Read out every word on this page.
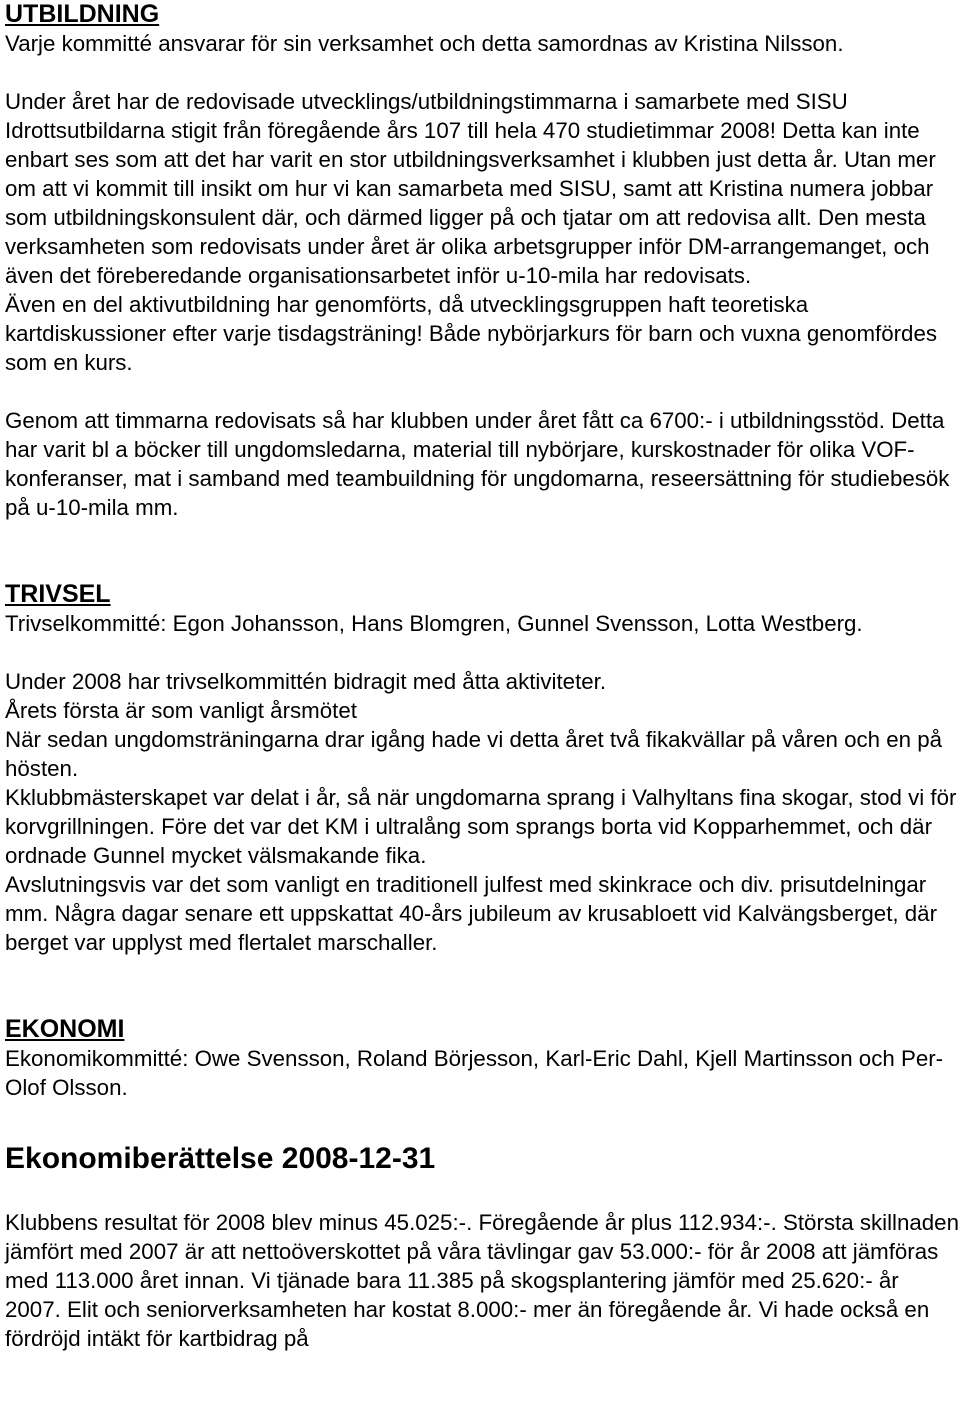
UTBILDNING

Varje kommitté ansvarar för sin verksamhet och detta samordnas av Kristina Nilsson.

Under året har de redovisade utvecklings/utbildningstimmarna i samarbete med SISU Idrottsutbildarna stigit från föregående års 107 till hela 470 studietimmar 2008! Detta kan inte enbart ses som att det har varit en stor utbildningsverksamhet i klubben just detta år. Utan mer om att vi kommit till insikt om hur vi kan samarbeta med SISU, samt att Kristina numera jobbar som utbildningskonsulent där, och därmed ligger på och tjatar om att redovisa allt. Den mesta verksamheten som redovisats under året är olika arbetsgrupper inför DM-arrangemanget, och även det föreberedande organisationsarbetet inför u-10-mila har redovisats.

Även en del aktivutbildning har genomförts, då utvecklingsgruppen haft teoretiska kartdiskussioner efter varje tisdagsträning! Både nybörjarkurs för barn och vuxna genomfördes som en kurs.

Genom att timmarna redovisats så har klubben under året fått ca 6700:- i utbildningsstöd. Detta har varit bl a böcker till ungdomsledarna, material till nybörjare, kurskostnader för olika VOF-konferanser, mat i samband med teambuildning för ungdomarna, reseersättning för studiebesök på u-10-mila mm.

TRIVSEL

Trivselkommitté: Egon Johansson, Hans Blomgren, Gunnel Svensson, Lotta Westberg.

Under 2008 har trivselkommittén bidragit med åtta aktiviteter.

Årets första är som vanligt årsmötet

När sedan ungdomsträningarna drar igång hade vi detta året två fikakvällar på våren och en på hösten.

Kklubbmästerskapet var delat i år, så när ungdomarna sprang i Valhyltans fina skogar, stod vi för korvgrillningen. Före det var det KM i ultralång som sprangs borta vid Kopparhemmet, och där ordnade Gunnel mycket välsmakande fika.

Avslutningsvis var det som vanligt en traditionell julfest med skinkrace och div. prisutdelningar mm. Några dagar senare ett uppskattat 40-års jubileum av krusabloett vid Kalvängsberget, där berget var upplyst med flertalet marschaller.

EKONOMI

Ekonomikommitté: Owe Svensson, Roland Börjesson, Karl-Eric Dahl, Kjell Martinsson och Per-Olof Olsson.

Ekonomiberättelse 2008-12-31

Klubbens resultat för 2008 blev minus 45.025:-. Föregående år plus 112.934:-. Största skillnaden jämfört med 2007 är att nettoöverskottet på våra tävlingar gav 53.000:- för år 2008 att jämföras med 113.000 året innan. Vi tjänade bara 11.385 på skogsplantering jämför med 25.620:- år 2007. Elit och seniorverksamheten har kostat 8.000:- mer än föregående år. Vi hade också en fördröjd intäkt för kartbidrag på
